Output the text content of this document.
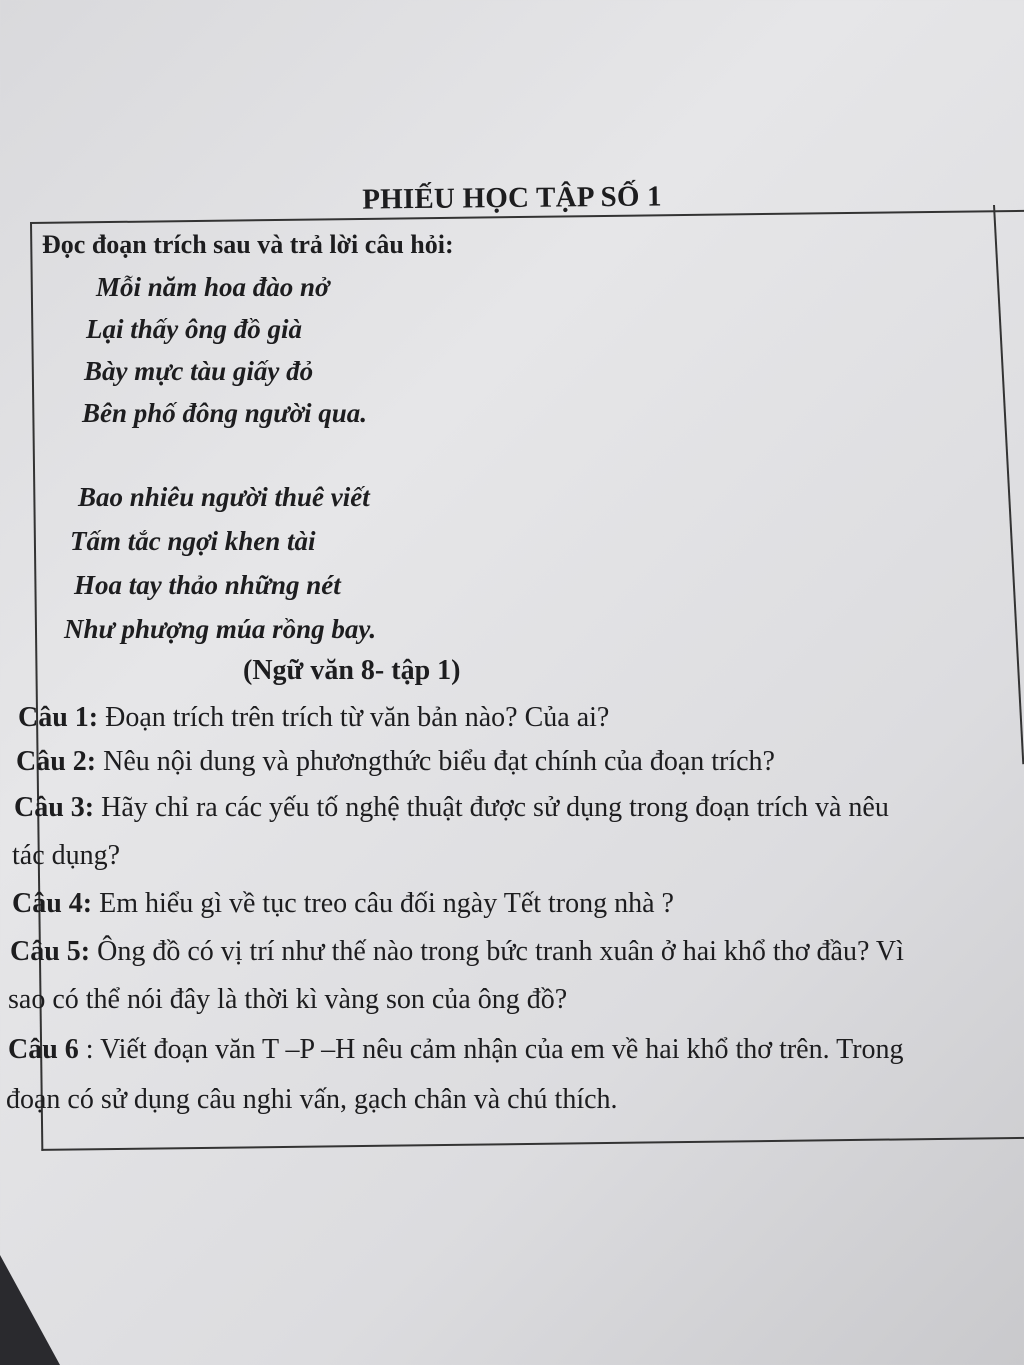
PHIẾU HỌC TẬP SỐ 1
Đọc đoạn trích sau và trả lời câu hỏi:
Mỗi năm hoa đào nở
Lại thấy ông đồ già
Bày mực tàu giấy đỏ
Bên phố đông người qua.
Bao nhiêu người thuê viết
Tấm tắc ngợi khen tài
Hoa tay thảo những nét
Như phượng múa rồng bay.
(Ngữ văn 8- tập 1)
Câu 1: Đoạn trích trên trích từ văn bản nào? Của ai?
Câu 2: Nêu nội dung và phươngthức biểu đạt chính của đoạn trích?
Câu 3: Hãy chỉ ra các yếu tố nghệ thuật được sử dụng trong đoạn trích và nêu
tác dụng?
Câu 4: Em hiểu gì về tục treo câu đối ngày Tết trong nhà ?
Câu 5: Ông đồ có vị trí như thế nào trong bức tranh xuân ở hai khổ thơ đầu? Vì
sao có thể nói đây là thời kì vàng son của ông đồ?
Câu 6 : Viết đoạn văn T –P –H nêu cảm nhận của em về hai khổ thơ trên. Trong
đoạn có sử dụng câu nghi vấn, gạch chân và chú thích.
